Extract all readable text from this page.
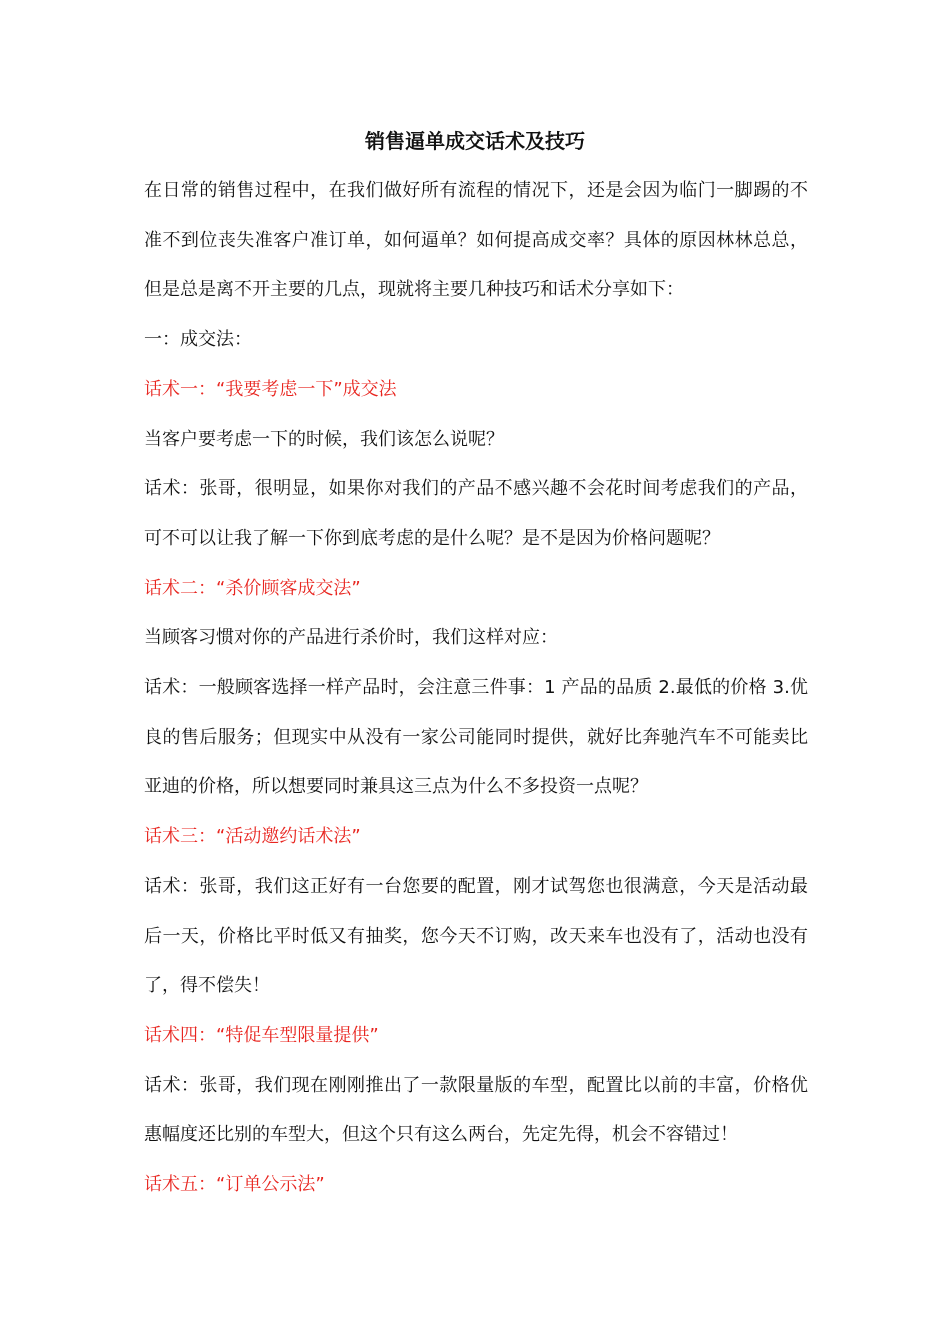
销售逼单成交话术及技巧

在日常的销售过程中，在我们做好所有流程的情况下，还是会因为临门一脚踢的不准不到位丧失准客户准订单，如何逼单？如何提高成交率？具体的原因林林总总，但是总是离不开主要的几点，现就将主要几种技巧和话术分享如下：

一：成交法：

话术一：“我要考虑一下”成交法

当客户要考虑一下的时候，我们该怎么说呢？

话术：张哥，很明显，如果你对我们的产品不感兴趣不会花时间考虑我们的产品，可不可以让我了解一下你到底考虑的是什么呢？是不是因为价格问题呢？

话术二：“杀价顾客成交法”

当顾客习惯对你的产品进行杀价时，我们这样对应：

话术：一般顾客选择一样产品时，会注意三件事：1 产品的品质 2.最低的价格 3.优良的售后服务；但现实中从没有一家公司能同时提供，就好比奔驰汽车不可能卖比亚迪的价格，所以想要同时兼具这三点为什么不多投资一点呢？

话术三：“活动邀约话术法”

话术：张哥，我们这正好有一台您要的配置，刚才试驾您也很满意，今天是活动最后一天，价格比平时低又有抽奖，您今天不订购，改天来车也没有了，活动也没有了，得不偿失！

话术四：“特促车型限量提供”

话术：张哥，我们现在刚刚推出了一款限量版的车型，配置比以前的丰富，价格优惠幅度还比别的车型大，但这个只有这么两台，先定先得，机会不容错过！

话术五：“订单公示法”
